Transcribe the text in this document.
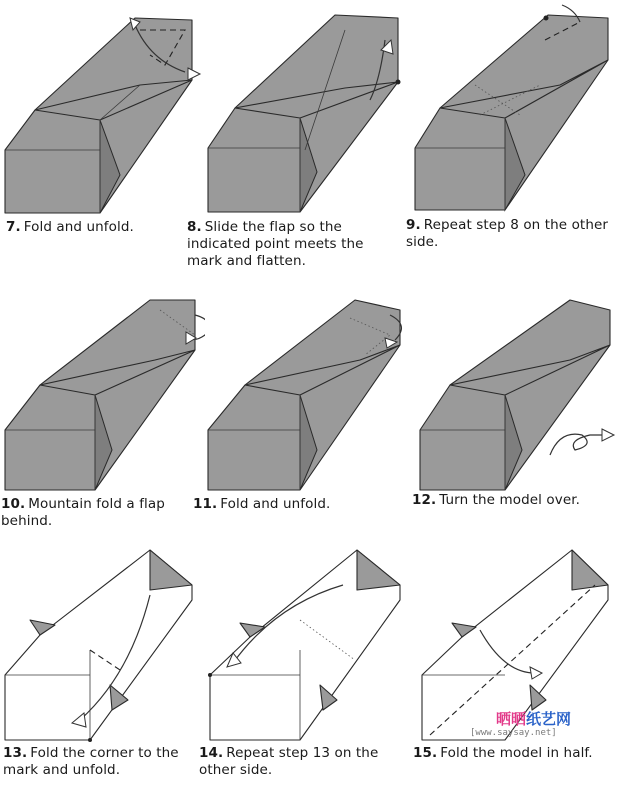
7. Fold and unfold.	8. Slide the flap so the indicated point meets the mark and flatten.
9. Repeat step 8 on the other side.
10. Mountain fold a flap behind.
11. Fold and unfold.	12. Turn the model over.
13. Fold the corner to the mark and unfold.
14. Repeat step 13 on the other side.
15. Fold the model in half.
晒晒纸艺网
[www.saysay.net]
